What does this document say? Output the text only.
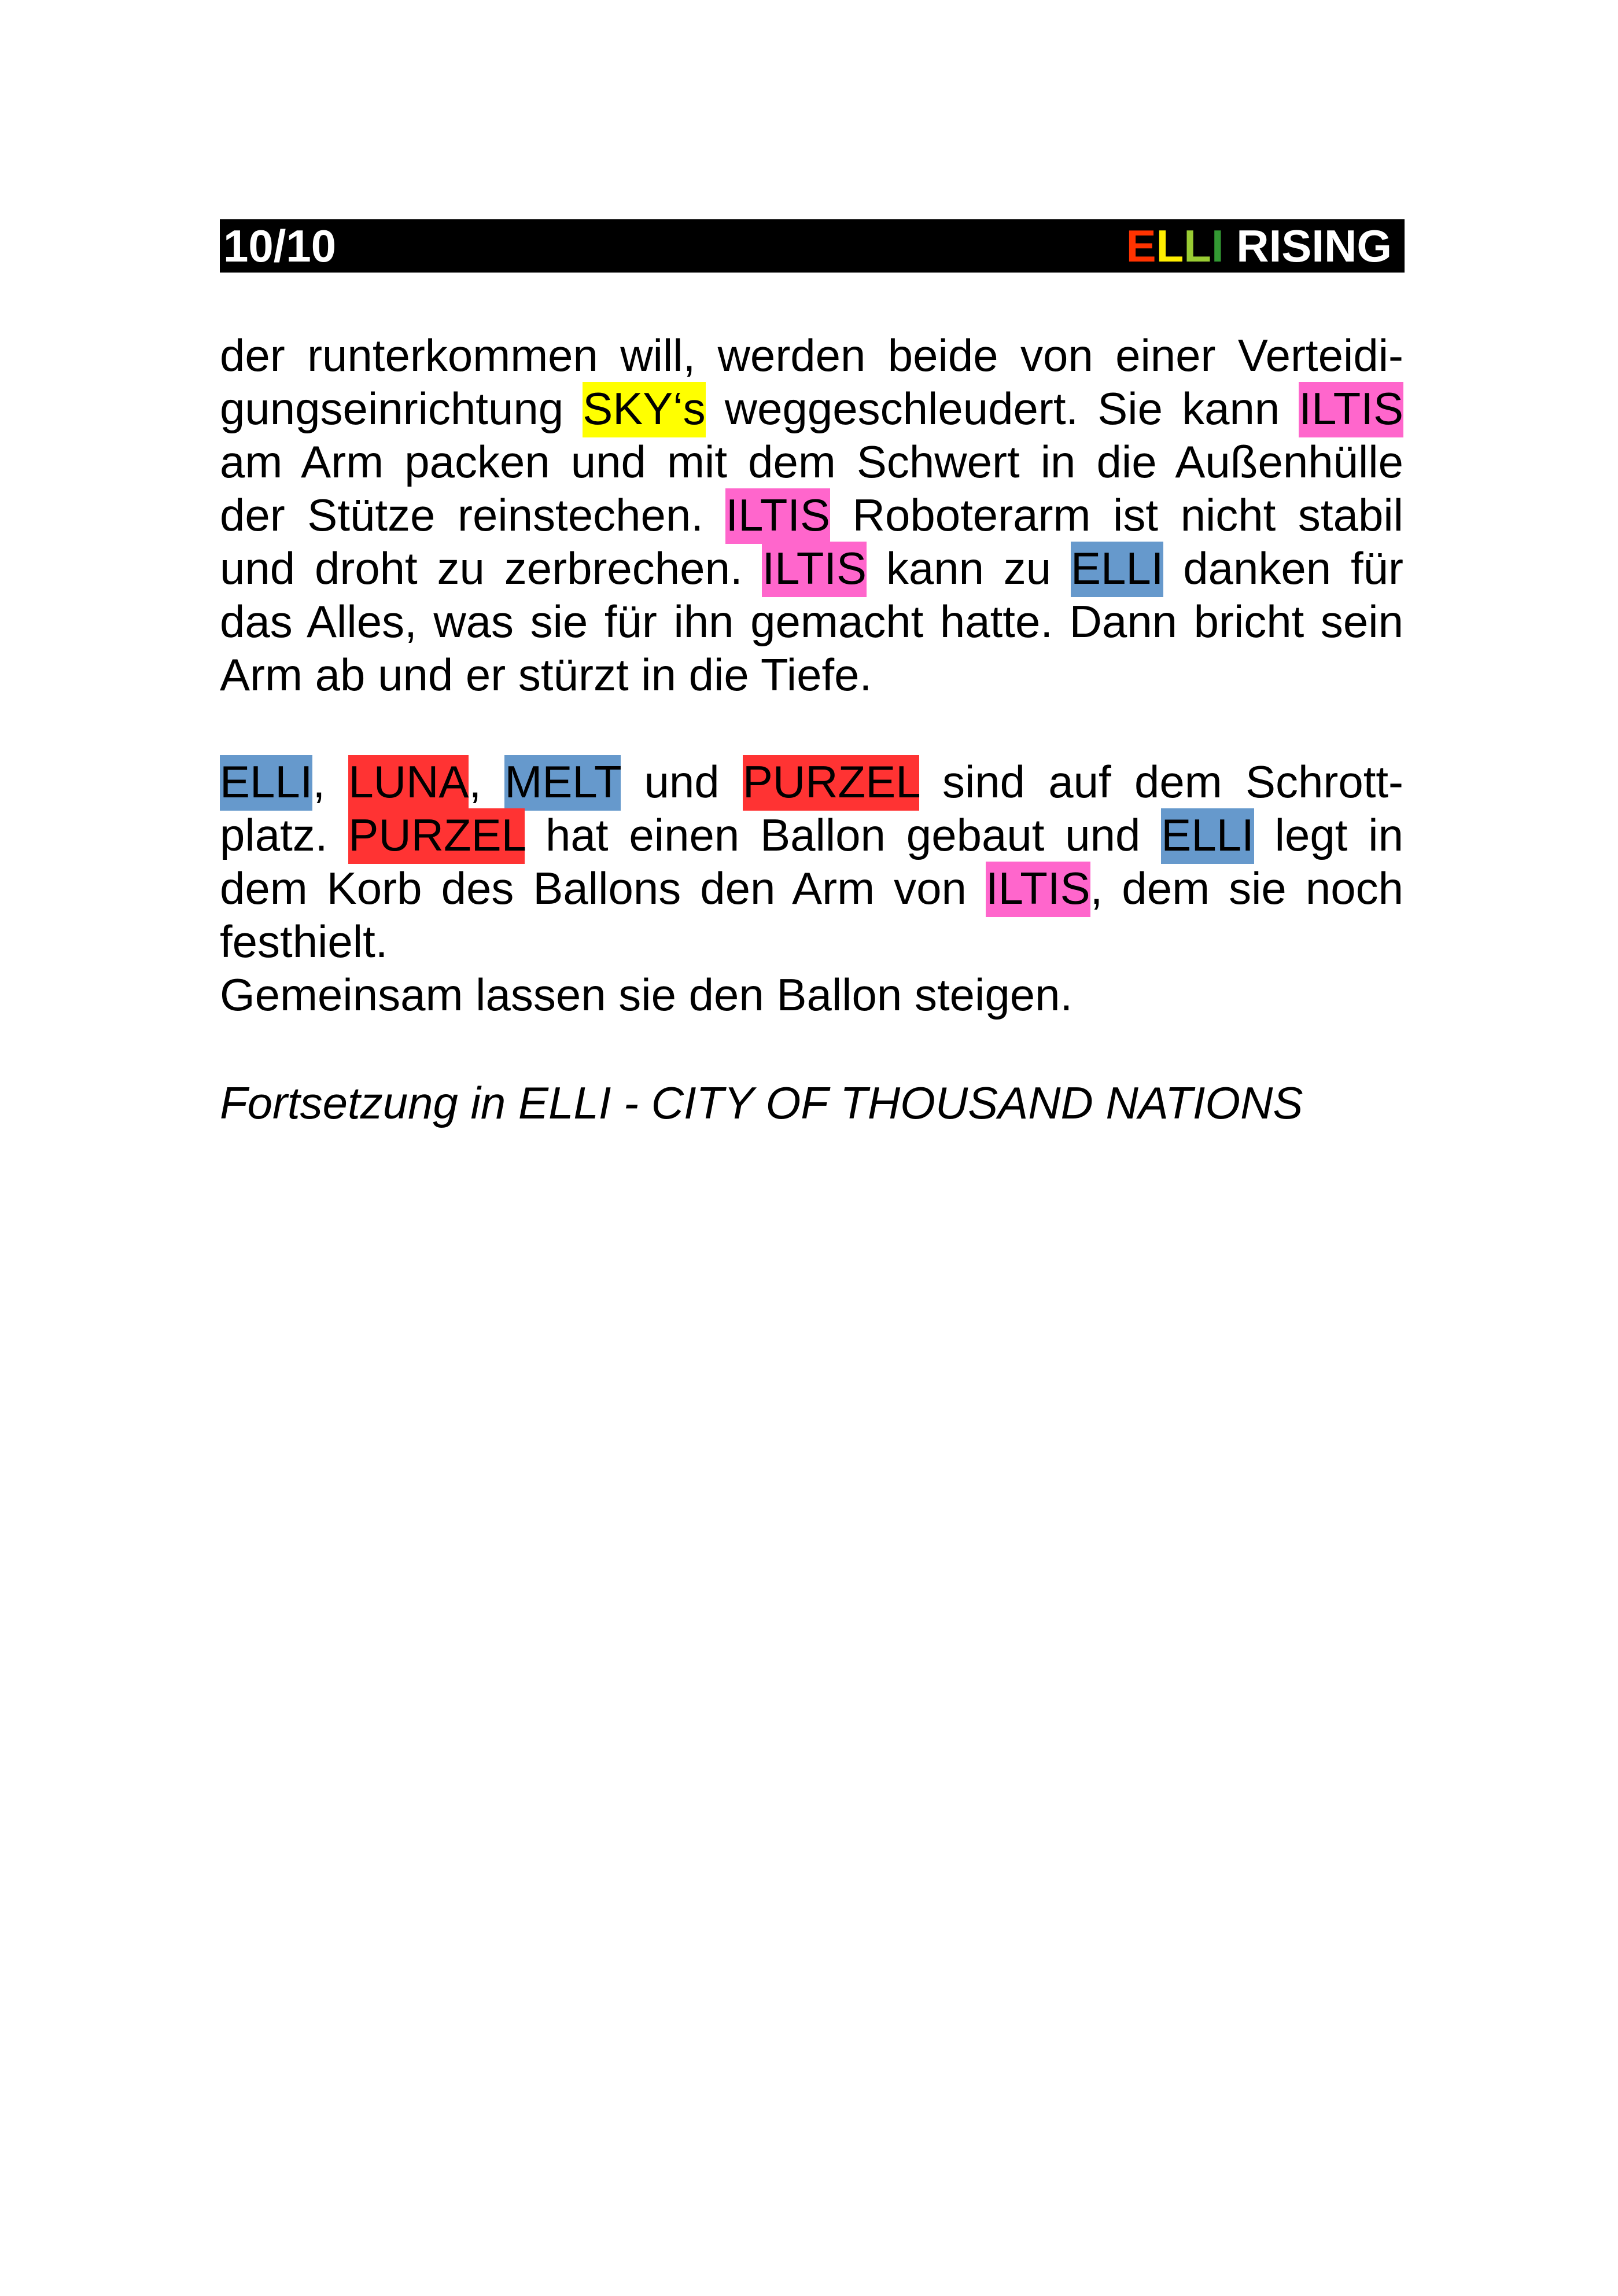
10/10	ELLI RISING

der runterkommen will, werden beide von einer Verteidi-gungseinrichtung SKY‘s weggeschleudert. Sie kann ILTIS am Arm packen und mit dem Schwert in die Außenhülle der Stütze reinstechen. ILTIS Roboterarm ist nicht stabil und droht zu zerbrechen. ILTIS kann zu ELLI danken für das Alles, was sie für ihn gemacht hatte. Dann bricht sein Arm ab und er stürzt in die Tiefe.

ELLI, LUNA, MELT und PURZEL sind auf dem Schrott-platz. PURZEL hat einen Ballon gebaut und ELLI legt in dem Korb des Ballons den Arm von ILTIS, dem sie noch festhielt.

Gemeinsam lassen sie den Ballon steigen.

Fortsetzung in ELLI - CITY OF THOUSAND NATIONS
